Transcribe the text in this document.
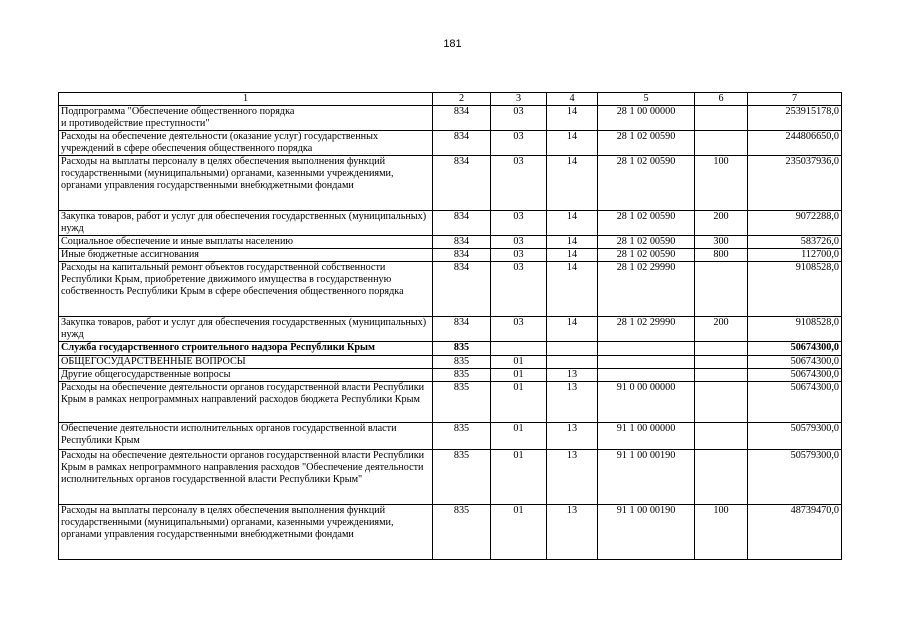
181
1	2	3	4	5	6	7
Подпрограмма "Обеспечение общественного порядка
и противодействие преступности"	834	03	14	28 1 00 00000		253915178,0
Расходы на обеспечение деятельности (оказание услуг) государственных учреждений в сфере обеспечения общественного порядка	834	03	14	28 1 02 00590		244806650,0
Расходы на выплаты персоналу в целях обеспечения выполнения функций государственными (муниципальными) органами, казенными учреждениями, органами управления государственными внебюджетными фондами	834	03	14	28 1 02 00590	100	235037936,0
Закупка товаров, работ и услуг для обеспечения государственных (муниципальных) нужд	834	03	14	28 1 02 00590	200	9072288,0
Социальное обеспечение и иные выплаты населению	834	03	14	28 1 02 00590	300	583726,0
Иные бюджетные ассигнования	834	03	14	28 1 02 00590	800	112700,0
Расходы на капитальный ремонт объектов государственной собственности Республики Крым, приобретение движимого имущества в государственную собственность Республики Крым в сфере обеспечения общественного порядка	834	03	14	28 1 02 29990		9108528,0
Закупка товаров, работ и услуг для обеспечения государственных (муниципальных) нужд	834	03	14	28 1 02 29990	200	9108528,0
Служба государственного строительного надзора Республики Крым	835					50674300,0
ОБЩЕГОСУДАРСТВЕННЫЕ ВОПРОСЫ	835	01				50674300,0
Другие общегосударственные вопросы	835	01	13			50674300,0
Расходы на обеспечение деятельности органов государственной власти Республики Крым в рамках непрограммных направлений расходов бюджета Республики Крым	835	01	13	91 0 00 00000		50674300,0
Обеспечение деятельности исполнительных органов государственной власти Республики Крым	835	01	13	91 1 00 00000		50579300,0
Расходы на обеспечение деятельности органов государственной власти Республики Крым в рамках непрограммного направления расходов "Обеспечение деятельности исполнительных органов государственной власти Республики Крым"	835	01	13	91 1 00 00190		50579300,0
Расходы на выплаты персоналу в целях обеспечения выполнения функций государственными (муниципальными) органами, казенными учреждениями, органами управления государственными внебюджетными фондами	835	01	13	91 1 00 00190	100	48739470,0
